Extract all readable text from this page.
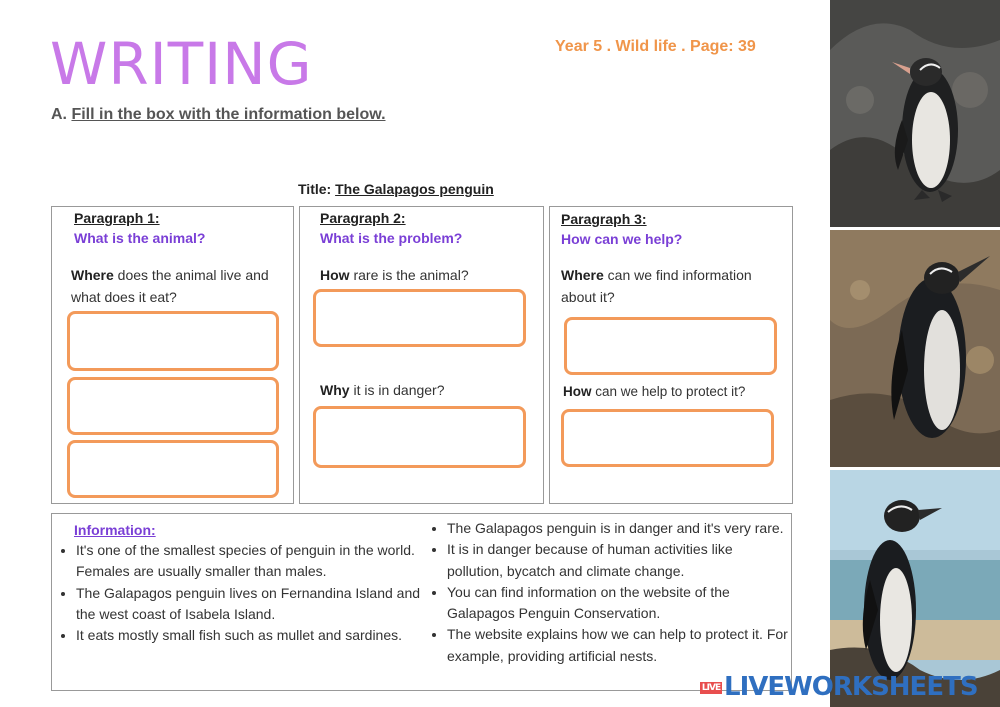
WRITING	Year 5 . Wild life . Page: 39
A. Fill in the box with the information below.
Title: The Galapagos penguin
Paragraph 1:
What is the animal?
Where does the animal live and what does it eat?
Paragraph 2:
What is the problem?
How rare is the animal?
Why it is in danger?
Paragraph 3:
How can we help?
Where can we find information about it?
How can we help to protect it?
Information:
• It's one of the smallest species of penguin in the world. Females are usually smaller than males.
• The Galapagos penguin lives on Fernandina Island and the west coast of Isabela Island.
• It eats mostly small fish such as mullet and sardines.
• The Galapagos penguin is in danger and it's very rare.
• It is in danger because of human activities like pollution, bycatch and climate change.
• You can find information on the website of the Galapagos Penguin Conservation.
• The website explains how we can help to protect it. For example, providing artificial nests.
LIVE LIVEWORKSHEETS
